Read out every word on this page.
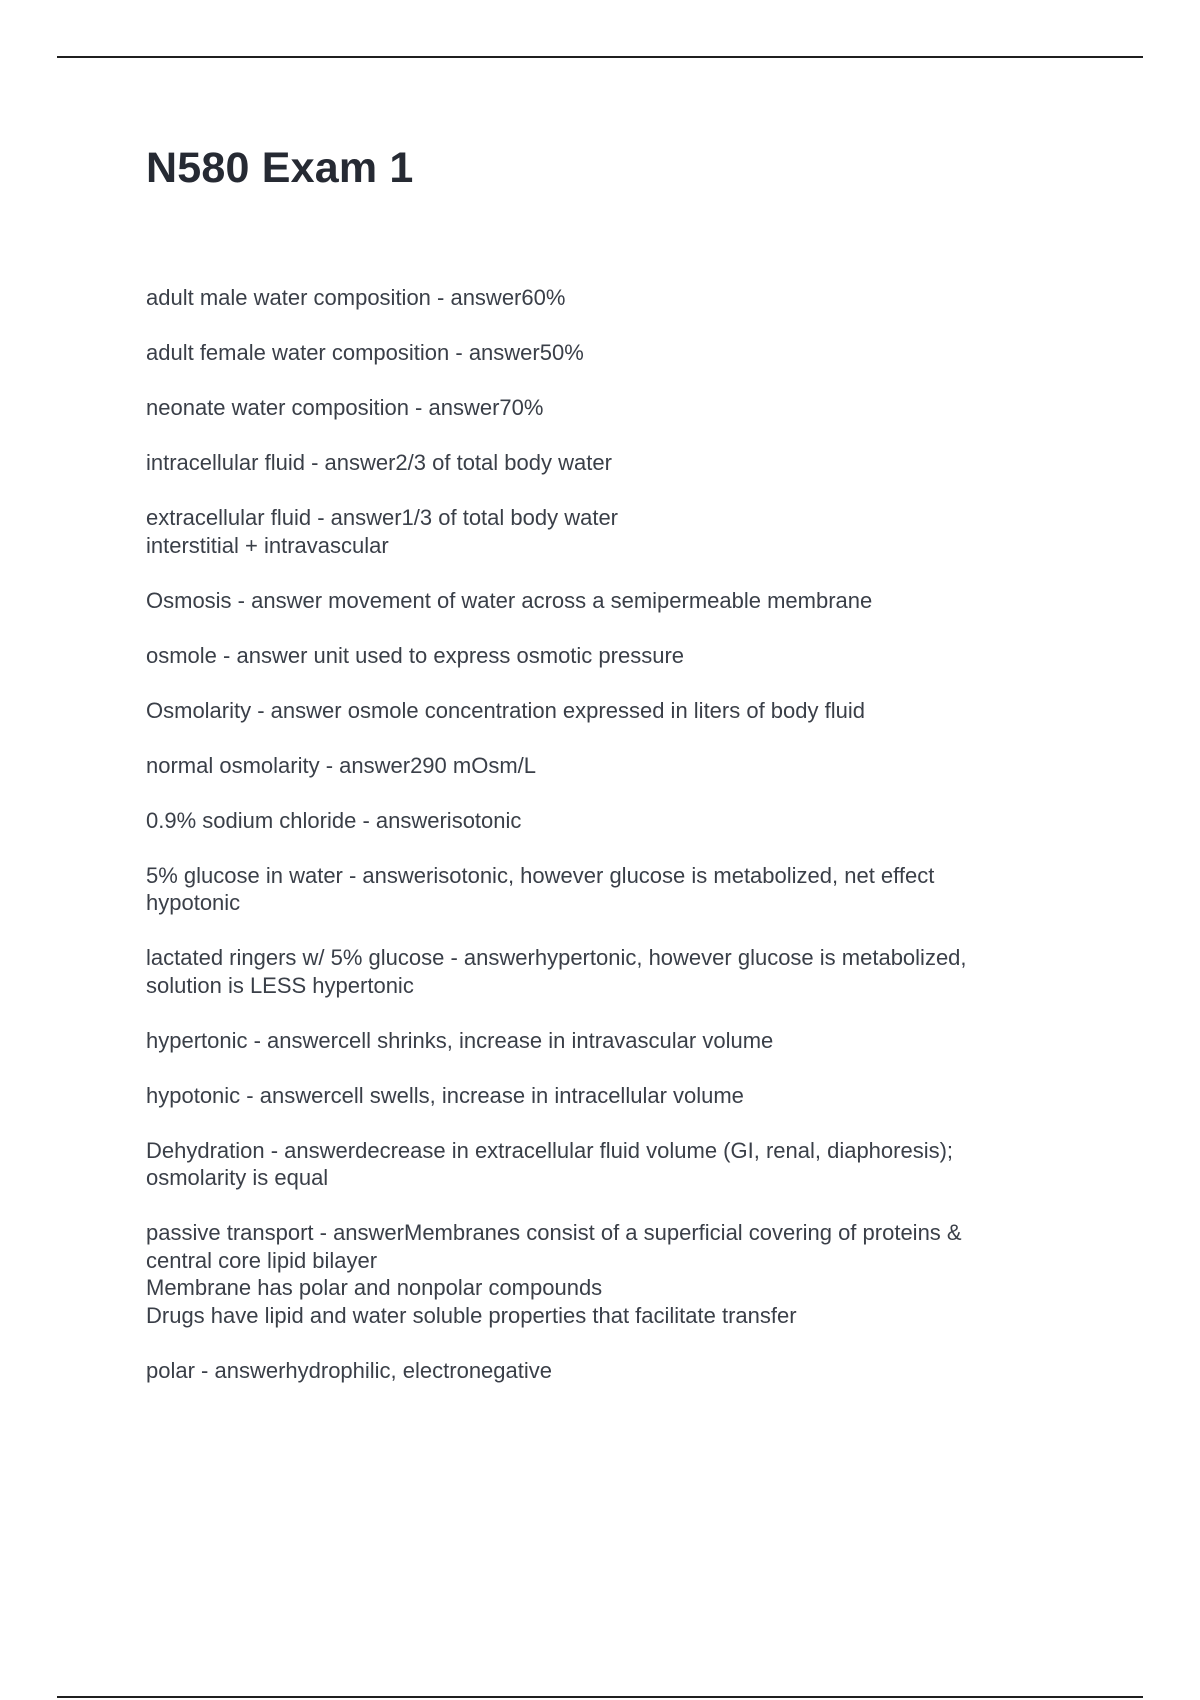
N580 Exam 1
adult male water composition - answer60%
adult female water composition - answer50%
neonate water composition - answer70%
intracellular fluid - answer2/3 of total body water
extracellular fluid - answer1/3 of total body water
interstitial + intravascular
Osmosis - answer movement of water across a semipermeable membrane
osmole - answer unit used to express osmotic pressure
Osmolarity - answer osmole concentration expressed in liters of body fluid
normal osmolarity - answer290 mOsm/L
0.9% sodium chloride - answerisotonic
5% glucose in water - answerisotonic, however glucose is metabolized, net effect
hypotonic
lactated ringers w/ 5% glucose - answerhypertonic, however glucose is metabolized,
solution is LESS hypertonic
hypertonic - answercell shrinks, increase in intravascular volume
hypotonic - answercell swells, increase in intracellular volume
Dehydration - answerdecrease in extracellular fluid volume (GI, renal, diaphoresis);
osmolarity is equal
passive transport - answerMembranes consist of a superficial covering of proteins &
central core lipid bilayer
Membrane has polar and nonpolar compounds
Drugs have lipid and water soluble properties that facilitate transfer
polar - answerhydrophilic, electronegative
